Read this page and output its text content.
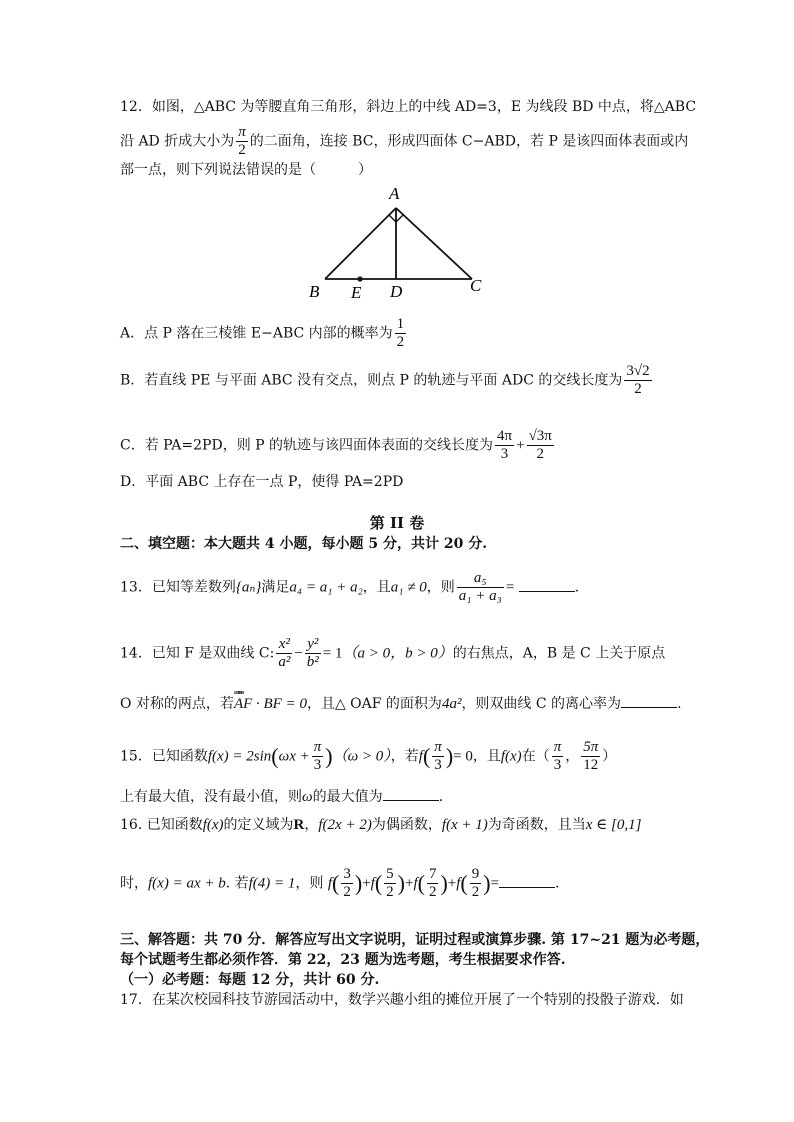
12．如图，△ABC 为等腰直角三角形，斜边上的中线 AD=3，E 为线段 BD 中点，将△ABC
沿 AD 折成大小为 $\frac{\pi}{2}$ 的二面角，连接 BC，形成四面体 C−ABD，若 P 是该四面体表面或内
部一点，则下列说法错误的是（　　　）
A
B E D	C
A．点 P 落在三棱锥 E−ABC 内部的概率为 $\frac{1}{2}$
B．若直线 PE 与平面 ABC 没有交点，则点 P 的轨迹与平面 ADC 的交线长度为 $\frac{3√2}{2}$
C．若 PA=2PD，则 P 的轨迹与该四面体表面的交线长度为 $\frac{4\pi}{3} + \frac{√3\pi}{2}$
D．平面 ABC 上存在一点 P，使得 PA=2PD
第 II 卷
二、填空题：本大题共 4 小题，每小题 5 分，共计 20 分.
13．已知等差数列{aₙ}满足a₄ = a₁ + a₂，且a₁ ≠ 0，则 $\frac{\text{a₅}}{\text{a₁ + a₃}}$ =	.
14．已知 F 是双曲线 C: $\frac{\text{x²}}{\text{a²}} - \frac{\text{y²}}{\text{b²}} = 1(a > 0$，b > 0）的右焦点，A，B 是 C 上关于原点
O 对称的两点，若ʟʀʀʀ AF · BF = 0，且△ OAF 的面积为4a²，则双曲线 C 的离心率为	.
15．已知函数$f(x) = 2\sin(\omega x + \frac{\pi}{3} )(\omega > 0)$，若$f( \frac{\pi}{3}$ )= 0，且f(x)在（ $\frac{\pi}{3}$ ， $\frac{5\pi}{12}$ ）
上有最大值，没有最小值，则ω的最大值为	.
16. 已知函数f(x)的定义域为R，f(2x + 2)为偶函数，f(x + 1)为奇函数，且当x ∈ [0,1]
时，f(x) = ax + b. 若f(4) = 1，则 $f( \frac{3}{2} )+f( \frac{5}{2} )+f( \frac{7}{2} )+f( \frac{9}{2}$ )=	.
三、解答题：共 70 分．解答应写出文字说明，证明过程或演算步骤. 第 17~21 题为必考题，
每个试题考生都必须作答．第 22，23 题为选考题，考生根据要求作答.
（一）必考题：每题 12 分，共计 60 分.
17．在某次校园科技节游园活动中，数学兴趣小组的摊位开展了一个特别的投骰子游戏．如
